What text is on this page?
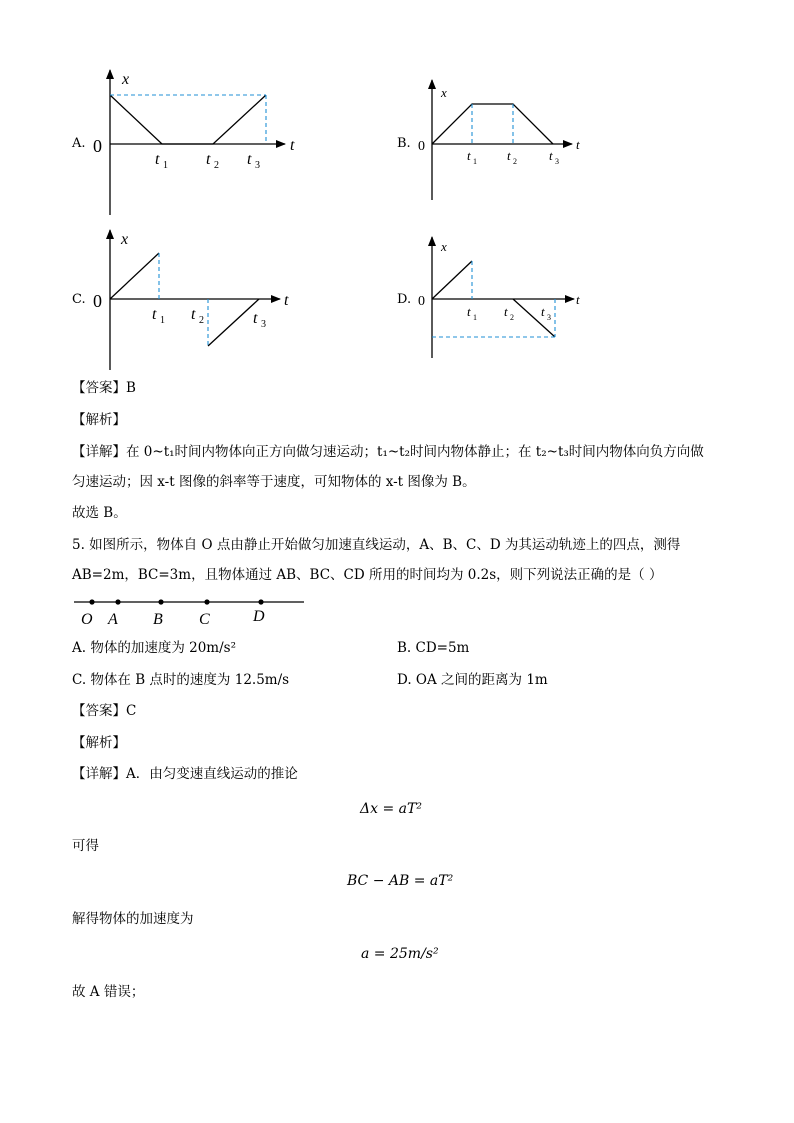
A.
x
0	t
t 1 t 2 t 3
x
0	t
t 1 t 2 t 3
x
0	t
t 1 t 2	t 3
x
0	t
t 1 t 2 t 3
O A B C	D
B.
C.	D.
【答案】B
【解析】
【详解】在 0~t₁时间内物体向正方向做匀速运动；t₁~t₂时间内物体静止；在 t₂~t₃时间内物体向负方向做
匀速运动；因 x-t 图像的斜率等于速度，可知物体的 x-t 图像为 B。
故选 B。
5. 如图所示，物体自 O 点由静止开始做匀加速直线运动，A、B、C、D 为其运动轨迹上的四点，测得
AB=2m，BC=3m，且物体通过 AB、BC、CD 所用的时间均为 0.2s，则下列说法正确的是（ ）
A. 物体的加速度为 20m/s²	B. CD=5m
C. 物体在 B 点时的速度为 12.5m/s	D. OA 之间的距离为 1m
【答案】C
【解析】
【详解】A．由匀变速直线运动的推论
Δx = aT²
可得
BC − AB = aT²
解得物体的加速度为
a = 25m/s²
故 A 错误；
